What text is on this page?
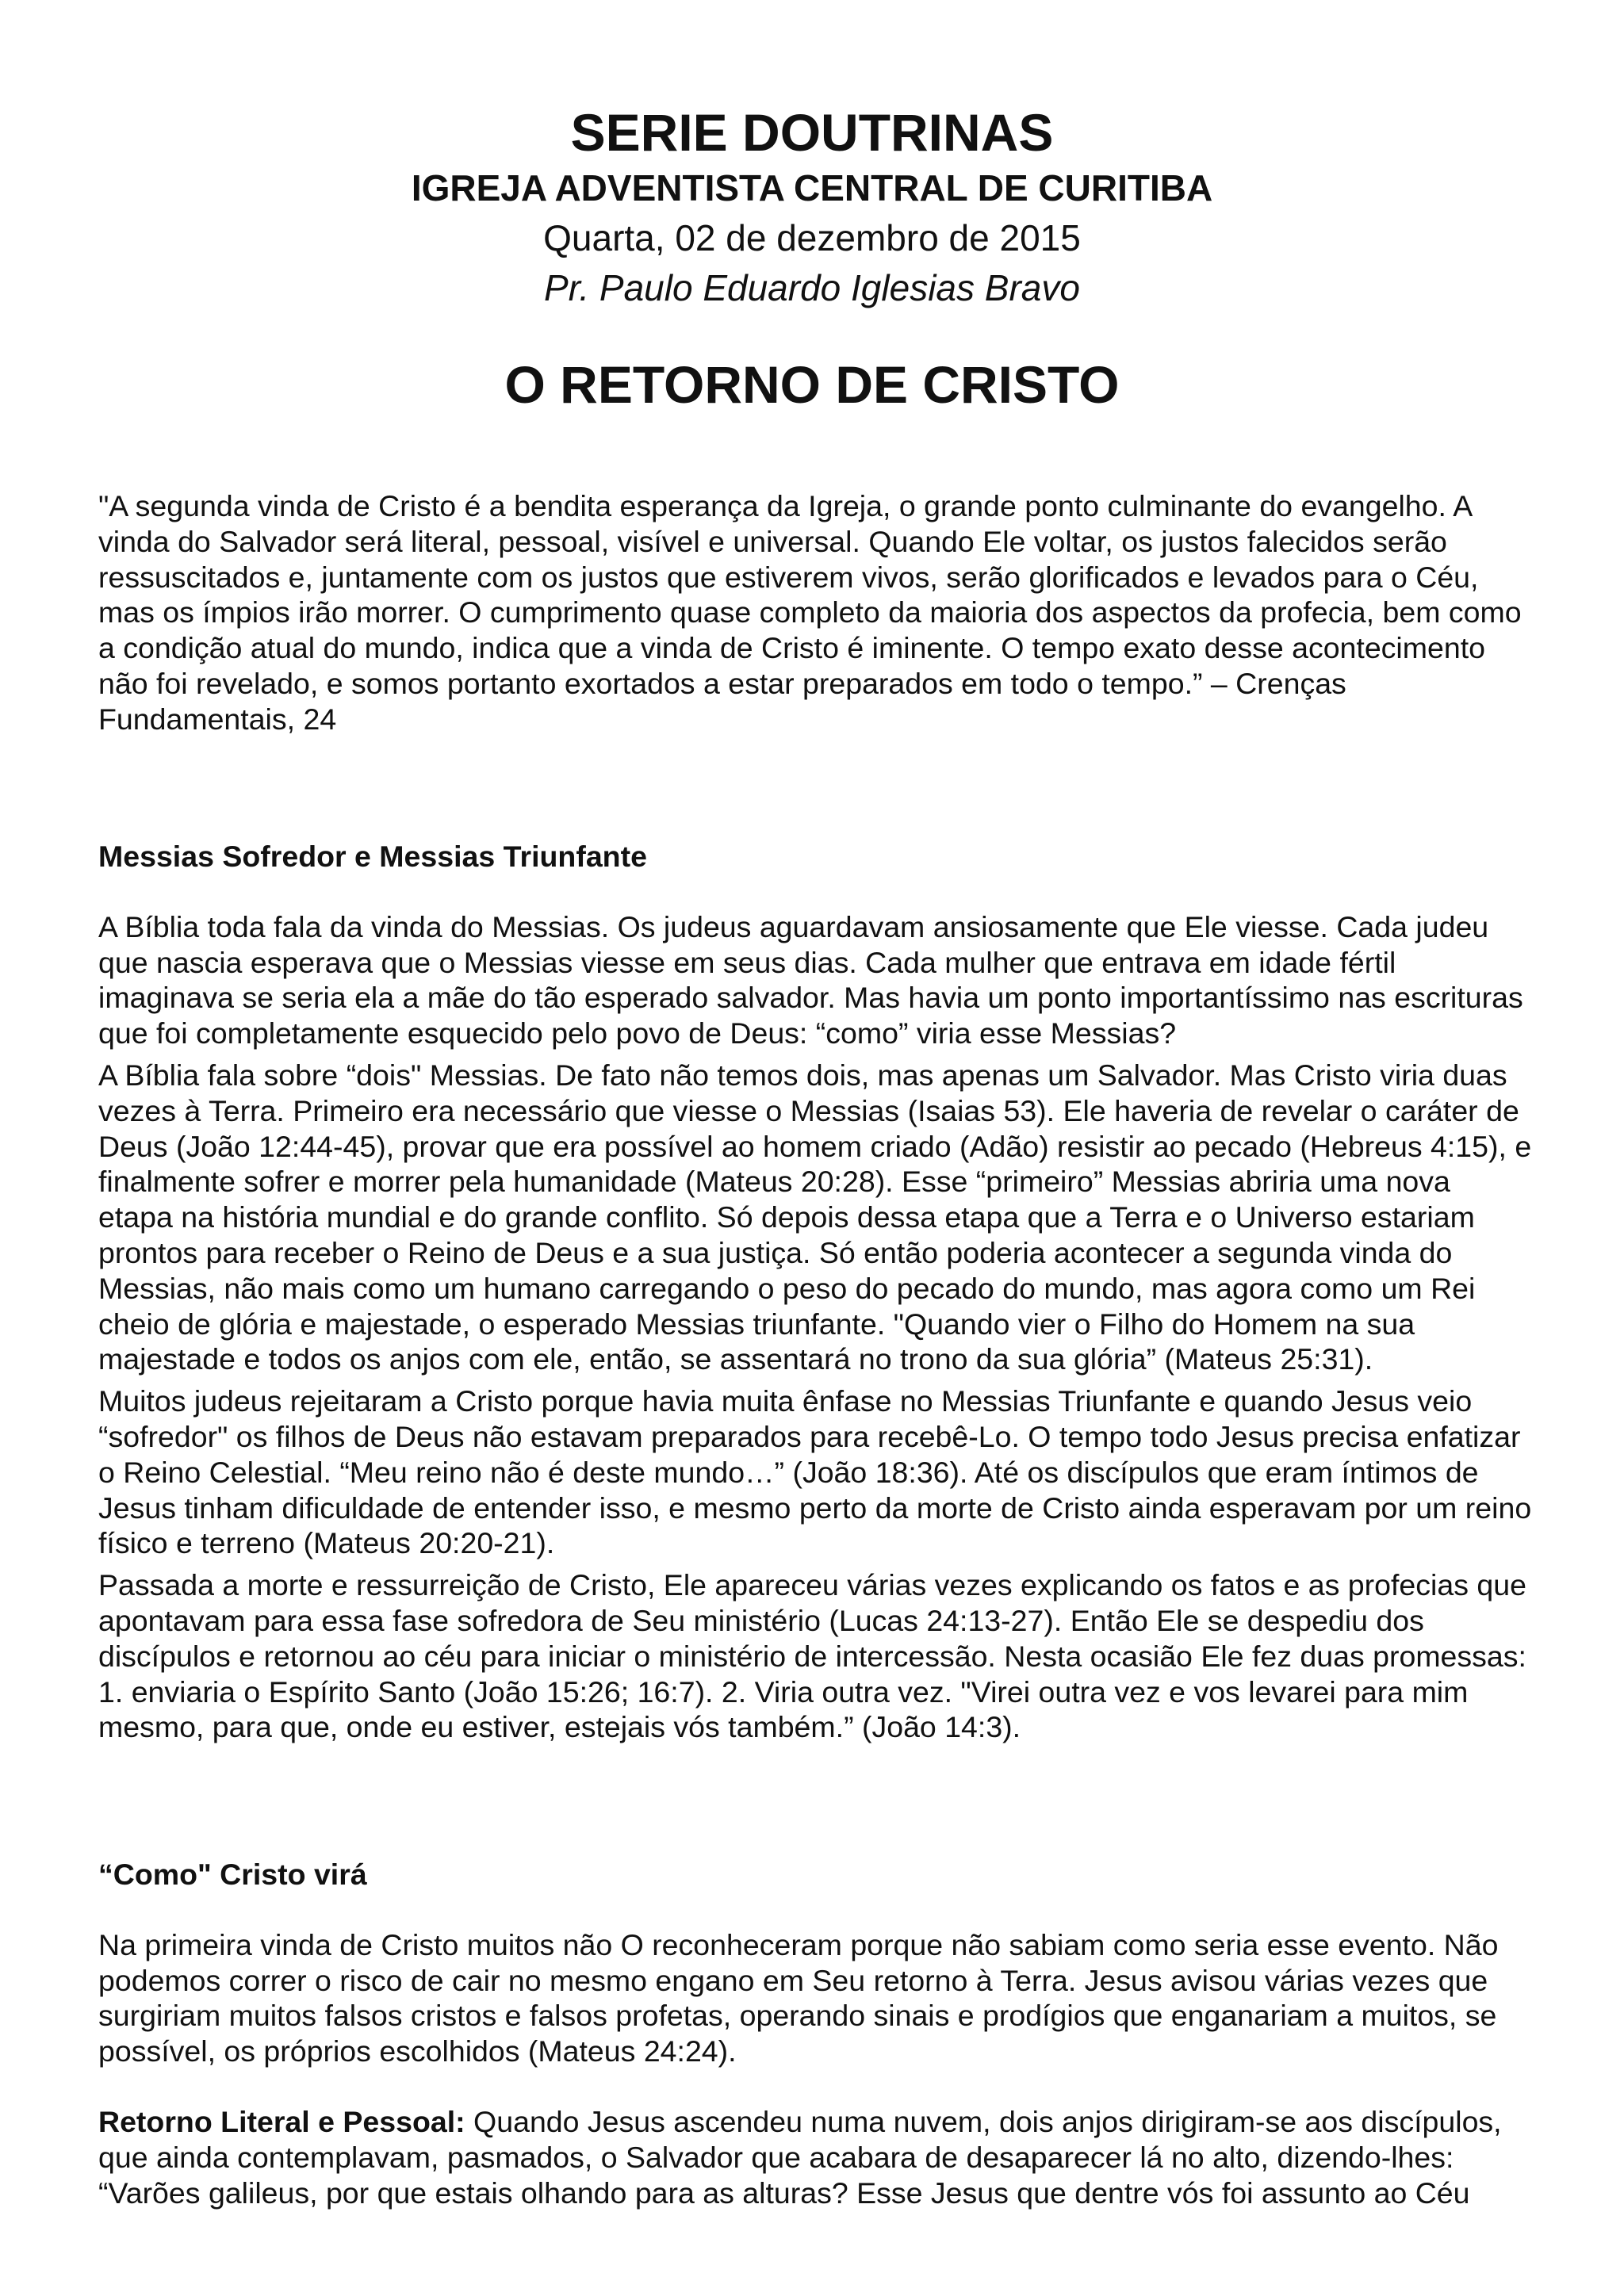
SERIE DOUTRINAS
IGREJA ADVENTISTA CENTRAL DE CURITIBA
Quarta, 02 de dezembro de 2015
Pr. Paulo Eduardo Iglesias Bravo
O RETORNO DE CRISTO

"A segunda vinda de Cristo é a bendita esperança da Igreja, o grande ponto culminante do evangelho. A vinda do Salvador será literal, pessoal, visível e universal. Quando Ele voltar, os justos falecidos serão ressuscitados e, juntamente com os justos que estiverem vivos, serão glorificados e levados para o Céu, mas os ímpios irão morrer. O cumprimento quase completo da maioria dos aspectos da profecia, bem como a condição atual do mundo, indica que a vinda de Cristo é iminente. O tempo exato desse acontecimento não foi revelado, e somos portanto exortados a estar preparados em todo o tempo.” – Crenças Fundamentais, 24

Messias Sofredor e Messias Triunfante

A Bíblia toda fala da vinda do Messias. Os judeus aguardavam ansiosamente que Ele viesse. Cada judeu que nascia esperava que o Messias viesse em seus dias. Cada mulher que entrava em idade fértil imaginava se seria ela a mãe do tão esperado salvador. Mas havia um ponto importantíssimo nas escrituras que foi completamente esquecido pelo povo de Deus: “como” viria esse Messias?

A Bíblia fala sobre “dois" Messias. De fato não temos dois, mas apenas um Salvador. Mas Cristo viria duas vezes à Terra. Primeiro era necessário que viesse o Messias (Isaias 53). Ele haveria de revelar o caráter de Deus (João 12:44-45), provar que era possível ao homem criado (Adão) resistir ao pecado (Hebreus 4:15), e finalmente sofrer e morrer pela humanidade (Mateus 20:28). Esse “primeiro” Messias abriria uma nova etapa na história mundial e do grande conflito. Só depois dessa etapa que a Terra e o Universo estariam prontos para receber o Reino de Deus e a sua justiça. Só então poderia acontecer a segunda vinda do Messias, não mais como um humano carregando o peso do pecado do mundo, mas agora como um Rei cheio de glória e majestade, o esperado Messias triunfante. "Quando vier o Filho do Homem na sua majestade e todos os anjos com ele, então, se assentará no trono da sua glória” (Mateus 25:31).

Muitos judeus rejeitaram a Cristo porque havia muita ênfase no Messias Triunfante e quando Jesus veio “sofredor" os filhos de Deus não estavam preparados para recebê-Lo. O tempo todo Jesus precisa enfatizar o Reino Celestial. “Meu reino não é deste mundo…” (João 18:36). Até os discípulos que eram íntimos de Jesus tinham dificuldade de entender isso, e mesmo perto da morte de Cristo ainda esperavam por um reino físico e terreno (Mateus 20:20-21).

Passada a morte e ressurreição de Cristo, Ele apareceu várias vezes explicando os fatos e as profecias que apontavam para essa fase sofredora de Seu ministério (Lucas 24:13-27). Então Ele se despediu dos discípulos e retornou ao céu para iniciar o ministério de intercessão. Nesta ocasião Ele fez duas promessas: 1. enviaria o Espírito Santo (João 15:26; 16:7). 2. Viria outra vez. "Virei outra vez e vos levarei para mim mesmo, para que, onde eu estiver, estejais vós também.” (João 14:3).

“Como" Cristo virá

Na primeira vinda de Cristo muitos não O reconheceram porque não sabiam como seria esse evento. Não podemos correr o risco de cair no mesmo engano em Seu retorno à Terra. Jesus avisou várias vezes que surgiriam muitos falsos cristos e falsos profetas, operando sinais e prodígios que enganariam a muitos, se possível, os próprios escolhidos (Mateus 24:24).

Retorno Literal e Pessoal: Quando Jesus ascendeu numa nuvem, dois anjos dirigiram-se aos discípulos, que ainda contemplavam, pasmados, o Salvador que acabara de desaparecer lá no alto, dizendo-lhes: “Varões galileus, por que estais olhando para as alturas? Esse Jesus que dentre vós foi assunto ao Céu
